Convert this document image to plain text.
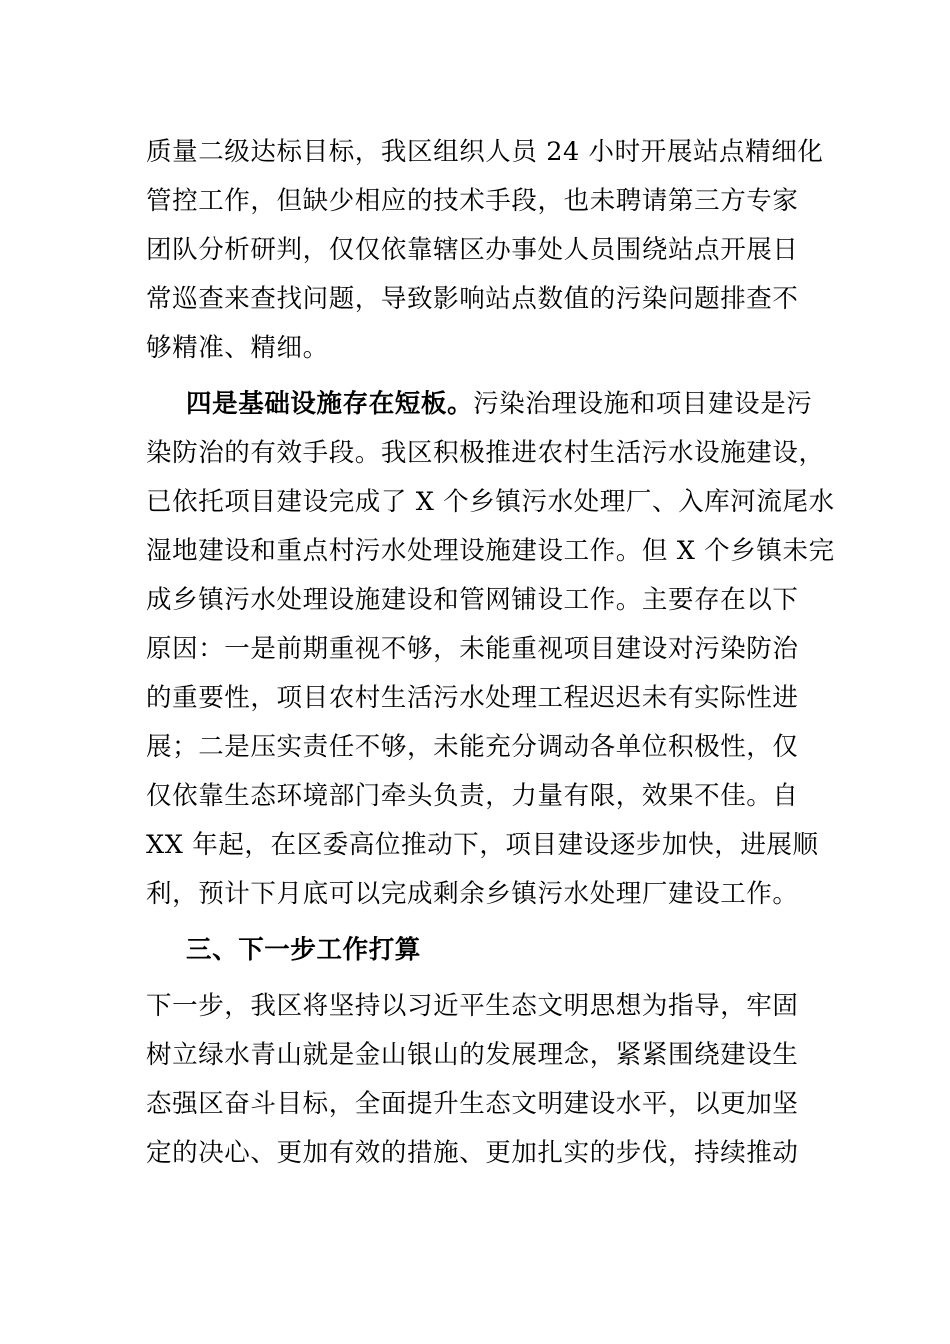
质量二级达标目标，我区组织人员 24 小时开展站点精细化
管控工作，但缺少相应的技术手段，也未聘请第三方专家
团队分析研判，仅仅依靠辖区办事处人员围绕站点开展日
常巡查来查找问题，导致影响站点数值的污染问题排查不
够精准、精细。
四是基础设施存在短板。污染治理设施和项目建设是污
染防治的有效手段。我区积极推进农村生活污水设施建设，
已依托项目建设完成了 X 个乡镇污水处理厂、入库河流尾水
湿地建设和重点村污水处理设施建设工作。但 X 个乡镇未完
成乡镇污水处理设施建设和管网铺设工作。主要存在以下
原因：一是前期重视不够，未能重视项目建设对污染防治
的重要性，项目农村生活污水处理工程迟迟未有实际性进
展；二是压实责任不够，未能充分调动各单位积极性，仅
仅依靠生态环境部门牵头负责，力量有限，效果不佳。自
XX 年起，在区委高位推动下，项目建设逐步加快，进展顺
利，预计下月底可以完成剩余乡镇污水处理厂建设工作。
三、下一步工作打算
下一步，我区将坚持以习近平生态文明思想为指导，牢固
树立绿水青山就是金山银山的发展理念，紧紧围绕建设生
态强区奋斗目标，全面提升生态文明建设水平，以更加坚
定的决心、更加有效的措施、更加扎实的步伐，持续推动
